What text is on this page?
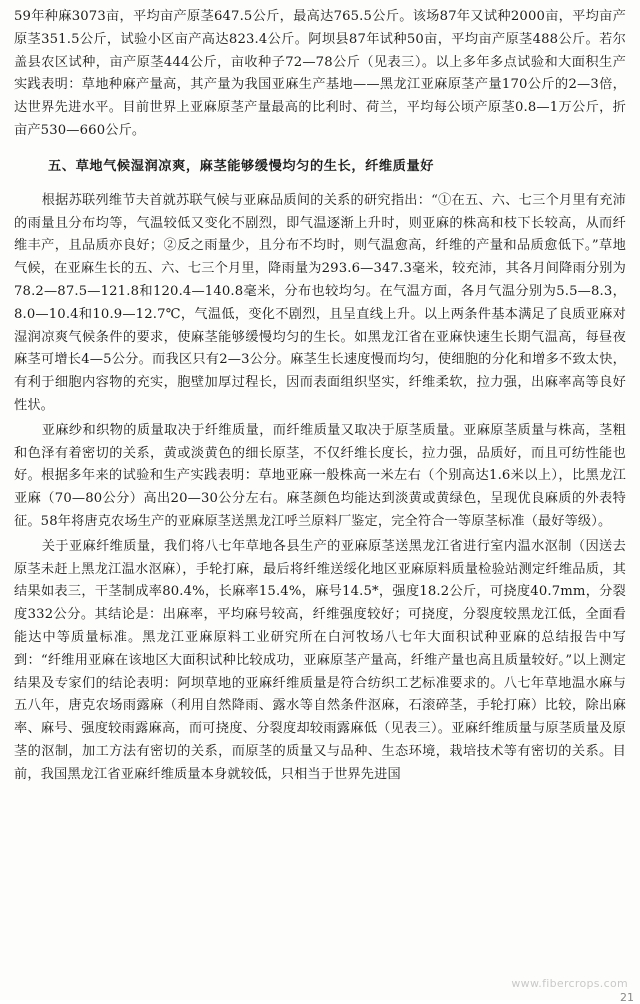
59年种麻3073亩，平均亩产原茎647.5公斤，最高达765.5公斤。该场87年又试种2000亩，平均亩产原茎351.5公斤，试验小区亩产高达823.4公斤。阿坝县87年试种50亩，平均亩产原茎488公斤。若尔盖县农区试种，亩产原茎444公斤，亩收种子72—78公斤（见表三）。以上多年多点试验和大面积生产实践表明：草地种麻产量高，其产量为我国亚麻生产基地——黑龙江亚麻原茎产量170公斤的2—3倍，达世界先进水平。目前世界上亚麻原茎产量最高的比利时、荷兰，平均每公顷产原茎0.8—1万公斤，折亩产530—660公斤。

五、草地气候湿润凉爽，麻茎能够缓慢均匀的生长，纤维质量好

根据苏联列维节夫首就苏联气候与亚麻品质间的关系的研究指出：“①在五、六、七三个月里有充沛的雨量且分布均等，气温较低又变化不剧烈，即气温逐渐上升时，则亚麻的株高和枝下长较高，从而纤维丰产，且品质亦良好；②反之雨量少，且分布不均时，则气温愈高，纤维的产量和品质愈低下。”草地气候，在亚麻生长的五、六、七三个月里，降雨量为293.6—347.3毫米，较充沛，其各月间降雨分别为78.2—87.5—121.8和120.4—140.8毫米，分布也较均匀。在气温方面，各月气温分别为5.5—8.3，8.0—10.4和10.9—12.7℃，气温低，变化不剧烈，且呈直线上升。以上两条件基本满足了良质亚麻对湿润凉爽气候条件的要求，使麻茎能够缓慢均匀的生长。如黑龙江省在亚麻快速生长期气温高，每昼夜麻茎可增长4—5公分。而我区只有2—3公分。麻茎生长速度慢而均匀，使细胞的分化和增多不致太快，有利于细胞内容物的充实，胞壁加厚过程长，因而表面组织坚实，纤维柔软，拉力强，出麻率高等良好性状。

亚麻纱和织物的质量取决于纤维质量，而纤维质量又取决于原茎质量。亚麻原茎质量与株高，茎粗和色泽有着密切的关系，黄或淡黄色的细长原茎，不仅纤维长度长，拉力强，品质好，而且可纺性能也好。根据多年来的试验和生产实践表明：草地亚麻一般株高一米左右（个别高达1.6米以上），比黑龙江亚麻（70—80公分）高出20—30公分左右。麻茎颜色均能达到淡黄或黄绿色，呈现优良麻质的外表特征。58年将唐克农场生产的亚麻原茎送黑龙江呼兰原料厂鉴定，完全符合一等原茎标准（最好等级）。

关于亚麻纤维质量，我们将八七年草地各县生产的亚麻原茎送黑龙江省进行室内温水沤制（因送去原茎未赶上黑龙江温水沤麻），手轮打麻，最后将纤维送绥化地区亚麻原料质量检验站测定纤维品质，其结果如表三，干茎制成率80.4%，长麻率15.4%，麻号14.5*，强度18.2公斤，可挠度40.7mm，分裂度332公分。其结论是：出麻率，平均麻号较高，纤维强度较好；可挠度，分裂度较黑龙江低，全面看能达中等质量标准。黑龙江亚麻原料工业研究所在白河牧场八七年大面积试种亚麻的总结报告中写到：“纤维用亚麻在该地区大面积试种比较成功，亚麻原茎产量高，纤维产量也高且质量较好。”以上测定结果及专家们的结论表明：阿坝草地的亚麻纤维质量是符合纺织工艺标准要求的。八七年草地温水麻与五八年，唐克农场雨露麻（利用自然降雨、露水等自然条件沤麻，石滚碎茎，手轮打麻）比较，除出麻率、麻号、强度较雨露麻高，而可挠度、分裂度却较雨露麻低（见表三）。亚麻纤维质量与原茎质量及原茎的沤制，加工方法有密切的关系，而原茎的质量又与品种、生态环境，栽培技术等有密切的关系。目前，我国黑龙江省亚麻纤维质量本身就较低，只相当于世界先进国

www.fibercrops.com
21
